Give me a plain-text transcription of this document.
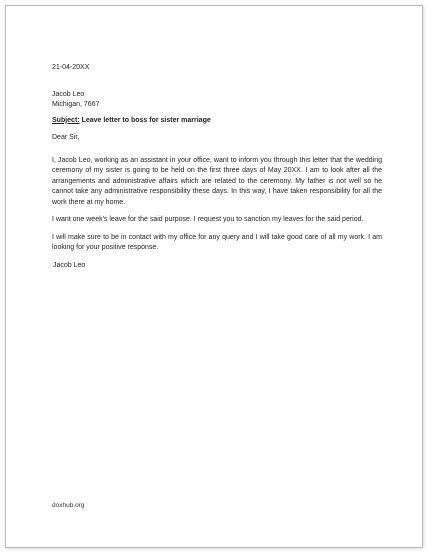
21-04-20XX

Jacob Leo

Michigan, 7667

Subject: Leave letter to boss for sister marriage

Dear Sir,

I, Jacob Leo, working as an assistant in your office, want to inform you through this letter that the wedding ceremony of my sister is going to be held on the first three days of May 20XX. I am to look after all the arrangements and administrative affairs which are related to the ceremony. My father is not well so he cannot take any administrative responsibility these days. In this way, I have taken responsibility for all the work there at my home.

I want one week's leave for the said purpose. I request you to sanction my leaves for the said period.

I will make sure to be in contact with my office for any query and I will take good care of all my work. I am looking for your positive response.

Jacob Leo

doxhub.org
